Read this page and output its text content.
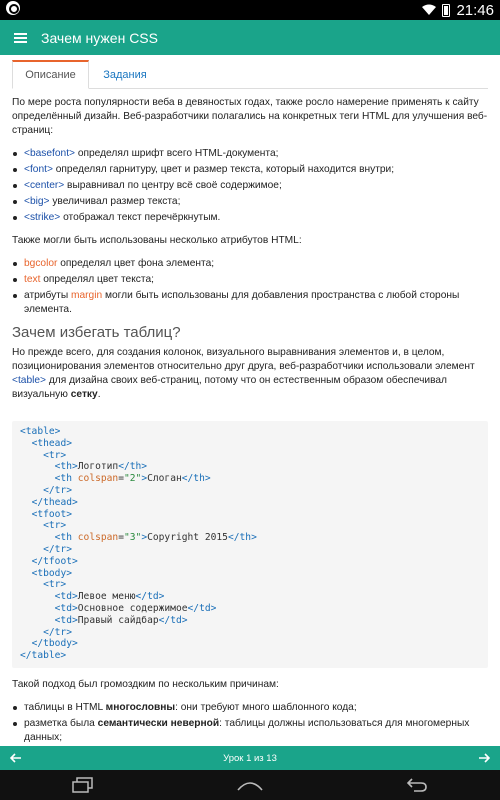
21:46
Зачем нужен CSS
Описание	Задания
По мере роста популярности веба в девяностых годах, также росло намерение применять к сайту определённый дизайн. Веб-разработчики полагались на конкретных теги HTML для улучшения веб-страниц:
<basefont> определял шрифт всего HTML-документа;
<font> определял гарнитуру, цвет и размер текста, который находится внутри;
<center> выравнивал по центру всё своё содержимое;
<big> увеличивал размер текста;
<strike> отображал текст перечёркнутым.
Также могли быть использованы несколько атрибутов HTML:
bgcolor определял цвет фона элемента;
text определял цвет текста;
атрибуты margin могли быть использованы для добавления пространства с любой стороны элемента.
Зачем избегать таблиц?
Но прежде всего, для создания колонок, визуального выравнивания элементов и, в целом, позиционирования элементов относительно друг друга, веб-разработчики использовали элемент <table> для дизайна своих веб-страниц, потому что он естественным образом обеспечивал визуальную сетку.
<table>
<thead>
<tr>
<th>Логотип</th>
<th colspan="2">Слоган</th>
</tr>
</thead>
<tfoot>
<tr>
<th colspan="3">Copyright 2015</th>
</tr>
</tfoot>
<tbody>
<tr>
<td>Левое меню</td>
<td>Основное содержимое</td>
<td>Правый сайдбар</td>
</tr>
</tbody>
</table>
Такой подход был громоздким по нескольким причинам:
таблицы в HTML многословны: они требуют много шаблонного кода;
разметка была семантически неверной: таблицы должны использоваться для многомерных данных;
Урок 1 из 13
